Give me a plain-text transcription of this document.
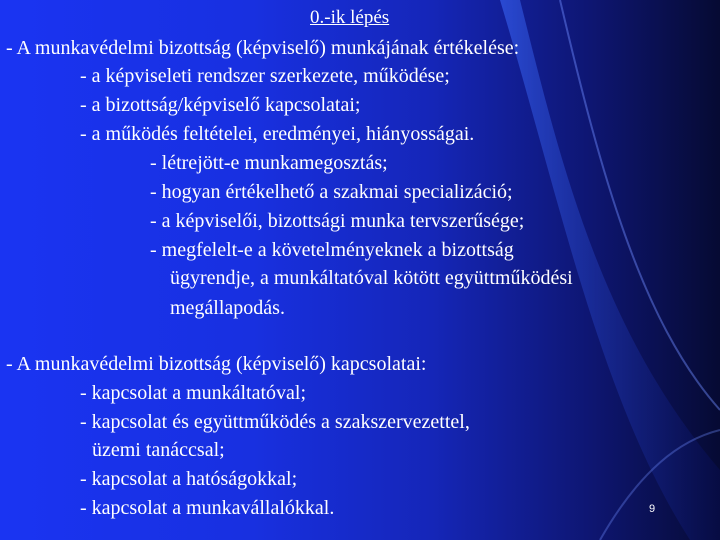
0.-ik lépés
- A munkavédelmi bizottság (képviselő) munkájának értékelése:
- a képviseleti rendszer szerkezete, működése;
- a bizottság/képviselő kapcsolatai;
- a működés feltételei, eredményei, hiányosságai.
- létrejött-e munkamegosztás;
- hogyan értékelhető a szakmai specializáció;
- a képviselői, bizottsági munka tervszerűsége;
- megfelelt-e a követelményeknek a bizottság
ügyrendje, a munkáltatóval kötött együttműködési
megállapodás.
- A munkavédelmi bizottság (képviselő) kapcsolatai:
- kapcsolat a munkáltatóval;
- kapcsolat és együttműködés a szakszervezettel,
üzemi tanáccsal;
- kapcsolat a hatóságokkal;
- kapcsolat a munkavállalókkal.	9
